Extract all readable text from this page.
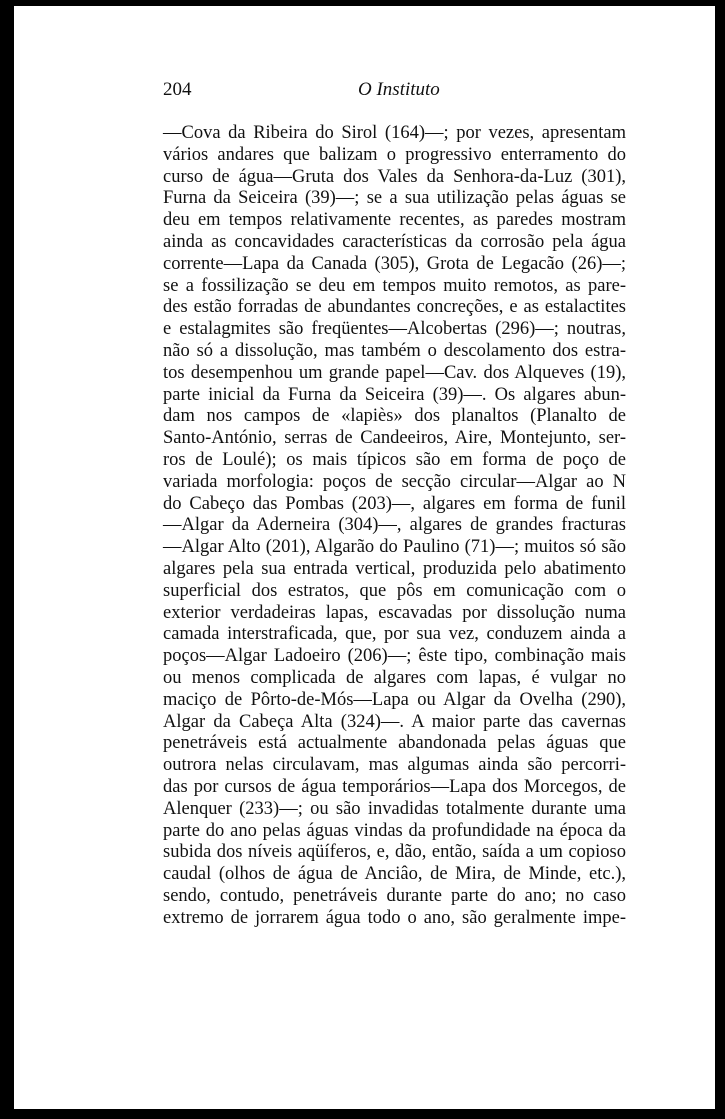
204	O Instituto
—Cova da Ribeira do Sirol (164)—; por vezes, apresentam
vários andares que balizam o progressivo enterramento do
curso de água—Gruta dos Vales da Senhora-da-Luz (301),
Furna da Seiceira (39)—; se a sua utilização pelas águas se
deu em tempos relativamente recentes, as paredes mostram
ainda as concavidades características da corrosão pela água
corrente—Lapa da Canada (305), Grota de Legacão (26)—;
se a fossilização se deu em tempos muito remotos, as pare-
des estão forradas de abundantes concreções, e as estalactites
e estalagmites são freqüentes—Alcobertas (296)—; noutras,
não só a dissolução, mas também o descolamento dos estra-
tos desempenhou um grande papel—Cav. dos Alqueves (19),
parte inicial da Furna da Seiceira (39)—. Os algares abun-
dam nos campos de «lapiès» dos planaltos (Planalto de
Santo-António, serras de Candeeiros, Aire, Montejunto, ser-
ros de Loulé); os mais típicos são em forma de poço de
variada morfologia: poços de secção circular—Algar ao N
do Cabeço das Pombas (203)—, algares em forma de funil
—Algar da Aderneira (304)—, algares de grandes fracturas
—Algar Alto (201), Algarão do Paulino (71)—; muitos só são
algares pela sua entrada vertical, produzida pelo abatimento
superficial dos estratos, que pôs em comunicação com o
exterior verdadeiras lapas, escavadas por dissolução numa
camada interstraficada, que, por sua vez, conduzem ainda a
poços—Algar Ladoeiro (206)—; êste tipo, combinação mais
ou menos complicada de algares com lapas, é vulgar no
maciço de Pôrto-de-Mós—Lapa ou Algar da Ovelha (290),
Algar da Cabeça Alta (324)—. A maior parte das cavernas
penetráveis está actualmente abandonada pelas águas que
outrora nelas circulavam, mas algumas ainda são percorri-
das por cursos de água temporários—Lapa dos Morcegos, de
Alenquer (233)—; ou são invadidas totalmente durante uma
parte do ano pelas águas vindas da profundidade na época da
subida dos níveis aqüíferos, e, dão, então, saída a um copioso
caudal (olhos de água de Anciâo, de Mira, de Minde, etc.),
sendo, contudo, penetráveis durante parte do ano; no caso
extremo de jorrarem água todo o ano, são geralmente impe-
